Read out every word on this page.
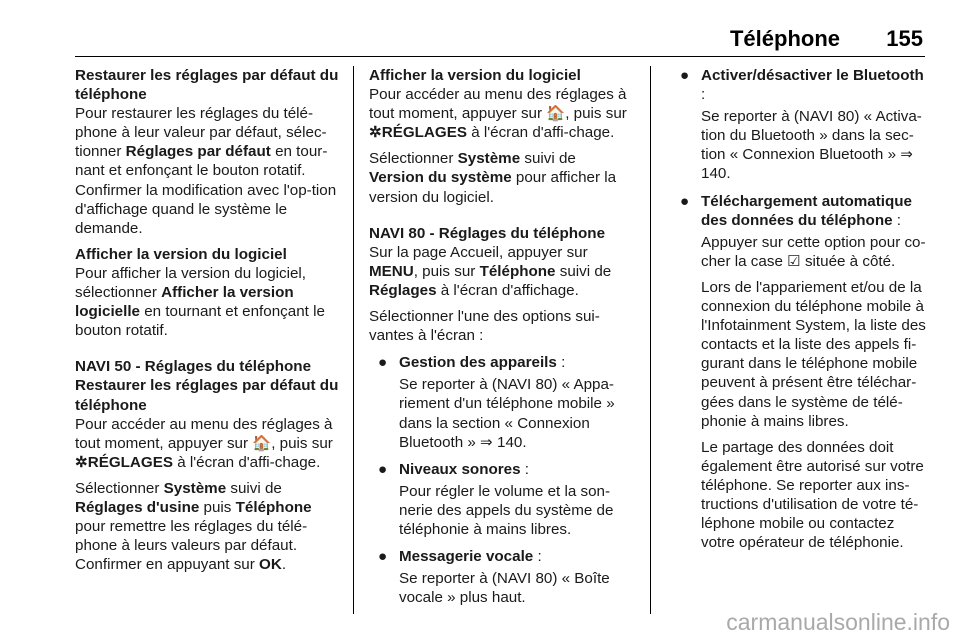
Téléphone 155
Restaurer les réglages par défaut du téléphone
Pour restaurer les réglages du télé-phone à leur valeur par défaut, sélec-tionner Réglages par défaut en tour-nant et enfonçant le bouton rotatif. Confirmer la modification avec l'op-tion d'affichage quand le système le demande.
Afficher la version du logiciel
Pour afficher la version du logiciel, sélectionner Afficher la version logicielle en tournant et enfonçant le bouton rotatif.
NAVI 50 - Réglages du téléphone
Restaurer les réglages par défaut du téléphone
Pour accéder au menu des réglages à tout moment, appuyer sur 🏠, puis sur ✲RÉGLAGES à l'écran d'affi-chage.
Sélectionner Système suivi de Réglages d'usine puis Téléphone pour remettre les réglages du télé-phone à leurs valeurs par défaut. Confirmer en appuyant sur OK.
Afficher la version du logiciel
Pour accéder au menu des réglages à tout moment, appuyer sur 🏠, puis sur ✲RÉGLAGES à l'écran d'affi-chage.
Sélectionner Système suivi de Version du système pour afficher la version du logiciel.
NAVI 80 - Réglages du téléphone
Sur la page Accueil, appuyer sur MENU, puis sur Téléphone suivi de Réglages à l'écran d'affichage.
Sélectionner l'une des options sui-vantes à l'écran :
● Gestion des appareils :
Se reporter à (NAVI 80) « Appa-riement d'un téléphone mobile » dans la section « Connexion Bluetooth » ⇒ 140.
● Niveaux sonores :
Pour régler le volume et la son-nerie des appels du système de téléphonie à mains libres.
● Messagerie vocale :
Se reporter à (NAVI 80) « Boîte vocale » plus haut.
● Activer/désactiver le Bluetooth :
Se reporter à (NAVI 80) « Activa-tion du Bluetooth » dans la sec-tion « Connexion Bluetooth » ⇒ 140.
● Téléchargement automatique des données du téléphone :
Appuyer sur cette option pour co-cher la case ☑ située à côté.
Lors de l'appariement et/ou de la connexion du téléphone mobile à l'Infotainment System, la liste des contacts et la liste des appels fi-gurant dans le téléphone mobile peuvent à présent être téléchar-gées dans le système de télé-phonie à mains libres.
Le partage des données doit également être autorisé sur votre téléphone. Se reporter aux ins-tructions d'utilisation de votre té-léphone mobile ou contactez votre opérateur de téléphonie.
carmanualsonline.info
